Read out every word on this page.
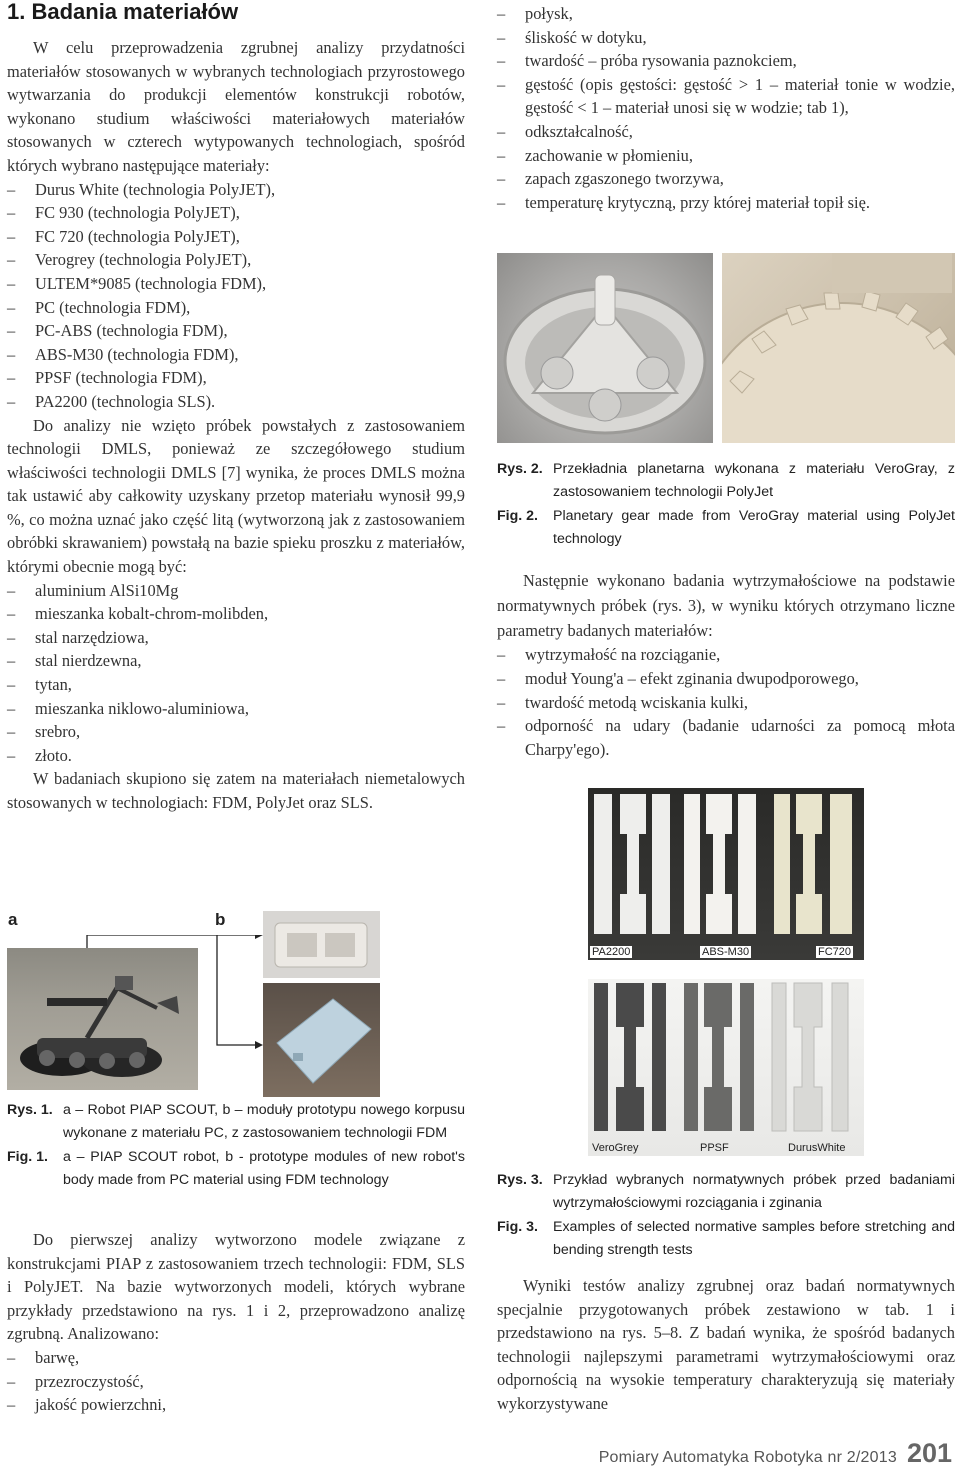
1. Badania materiałów

W celu przeprowadzenia zgrubnej analizy przydatności materiałów stosowanych w wybranych technologiach przyrostowego wytwarzania do produkcji elementów konstrukcji robotów, wykonano studium właściwości materiałowych materiałów stosowanych w czterech wytypowanych technologiach, spośród których wybrano następujące materiały:

–
Durus White (technologia PolyJET),
–
FC 930 (technologia PolyJET),
–
FC 720 (technologia PolyJET),
–
Verogrey (technologia PolyJET),
–
ULTEM*9085 (technologia FDM),
–
PC (technologia FDM),
–
PC-ABS (technologia FDM),
–
ABS-M30 (technologia FDM),
–
PPSF (technologia FDM),
–
PA2200 (technologia SLS).

Do analizy nie wzięto próbek powstałych z zastosowaniem technologii DMLS, ponieważ ze szczegółowego studium właściwości technologii DMLS [7] wynika, że proces DMLS można tak ustawić aby całkowity uzyskany przetop materiału wynosił 99,9 %, co można uznać jako część litą (wytworzoną jak z zastosowaniem obróbki skrawaniem) powstałą na bazie spieku proszku z materiałów, którymi obecnie mogą być:

–
aluminium AlSi10Mg
–
mieszanka kobalt-chrom-molibden,
–
stal narzędziowa,
–
stal nierdzewna,
–
tytan,
–
mieszanka niklowo-aluminiowa,
–
srebro,
–
złoto.

W badaniach skupiono się zatem na materiałach niemetalowych stosowanych w technologiach: FDM, PolyJet oraz SLS.

a	b
Rys. 1. a – Robot PIAP SCOUT, b – moduły prototypu nowego korpusu wykonane z materiału PC, z zastosowaniem technologii FDM
Fig. 1.	a – PIAP SCOUT robot, b - prototype modules of new robot's body made from PC material using FDM technology

Do pierwszej analizy wytworzono modele związane z konstrukcjami PIAP z zastosowaniem trzech technologii: FDM, SLS i PolyJET. Na bazie wytworzonych modeli, których wybrane przykłady przedstawiono na rys. 1 i 2, przeprowadzono analizę zgrubną. Analizowano:

–
barwę,
–
przezroczystość,
–
jakość powierzchni,
–
połysk,
–
śliskość w dotyku,
–
twardość – próba rysowania paznokciem,
–
gęstość (opis gęstości: gęstość > 1 – materiał tonie w wodzie, gęstość < 1 – materiał unosi się w wodzie; tab 1),
–
odkształcalność,
–
zachowanie w płomieniu,
–
zapach zgaszonego tworzywa,
–
temperaturę krytyczną, przy której materiał topił się.
Rys. 2. Przekładnia planetarna wykonana z materiału VeroGray, z zastosowaniem technologii PolyJet
Fig. 2.	Planetary gear made from VeroGray material using PolyJet technology

Następnie wykonano badania wytrzymałościowe na podstawie normatywnych próbek (rys. 3), w wyniku których otrzymano liczne parametry badanych materiałów:

–
wytrzymałość na rozciąganie,
–
moduł Young'a – efekt zginania dwupodporowego,
–
twardość metodą wciskania kulki,
–
odporność na udary (badanie udarności za pomocą młota Charpy'ego).
PA2200	ABS-M30	FC720
VeroGrey	PPSF	DurusWhite
Rys. 3. Przykład wybranych normatywnych próbek przed badaniami wytrzymałościowymi rozciągania i zginania
Fig. 3.	Examples of selected normative samples before stretching and bending strength tests

Wyniki testów analizy zgrubnej oraz badań normatywnych specjalnie przygotowanych próbek zestawiono w tab. 1 i przedstawiono na rys. 5–8. Z badań wynika, że spośród badanych technologii najlepszymi parametrami wytrzymałościowymi oraz odpornością na wysokie temperatury charakteryzują się materiały wykorzystywane

Pomiary Automatyka Robotyka nr 2/2013 201
